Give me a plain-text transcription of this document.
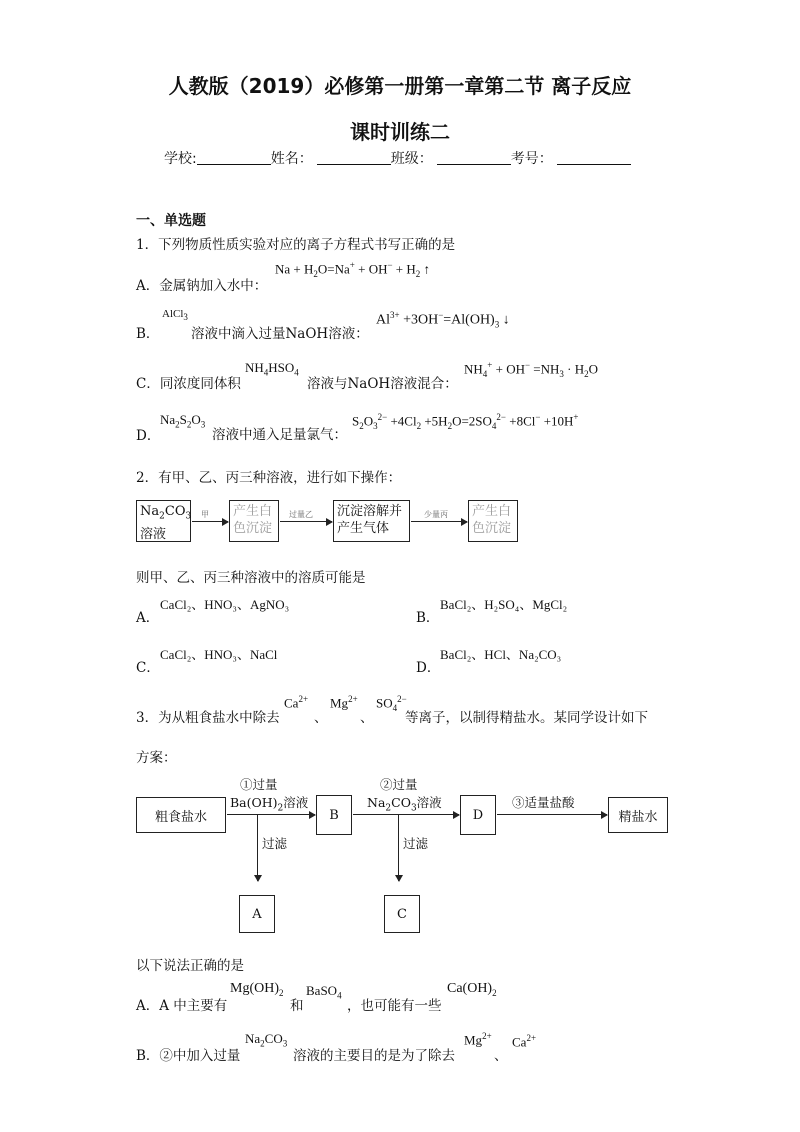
人教版（2019）必修第一册第一章第二节 离子反应
课时训练二
学校:	姓名：	班级：	考号：
一、单选题
1．下列物质性质实验对应的离子方程式书写正确的是
A．金属钠加入水中：
$Na + H_2O=Na^+ + OH^- + H_2$ ↑
B．
AlCl$_3$
溶液中滴入过量NaOH溶液：
$Al^{3+} +3OH^-=Al(OH)_3$ ↓
C．同浓度同体积
$NH_4HSO_4$
溶液与NaOH溶液混合：
$NH_4^+ + OH^- =NH_3 \cdot H_2O$
D．
$Na_2S_2O_3$
溶液中通入足量氯气：
$S_2O_3^{2-} +4Cl_2 +5H_2O=2SO_4^{2-} +8Cl^- +10H^+$
2．有甲、乙、丙三种溶液，进行如下操作：
$Na_2CO_3$
溶液
甲 产生白
色沉淀
过量乙 沉淀溶解并
产生气体
少量丙 产生白
色沉淀
则甲、乙、丙三种溶液中的溶质可能是
A．
CaCl₂、HNO₃、AgNO₃
B．
BaCl₂、H₂SO₄、MgCl₂
C．
CaCl₂、HNO₃、NaCl
D．
BaCl₂、HCl、Na₂CO₃
3．为从粗食盐水中除去
$Ca^{2+}$
、
$Mg^{2+}$
、
$SO_4^{2-}$
等离子，以制得精盐水。某同学设计如下
方案：
粗食盐水
①过量
$Ba(OH)_2$溶液
B
②过量
$Na_2CO_3$溶液
D
③适量盐酸
精盐水
过滤	过滤
A	C
以下说法正确的是
A．A 中主要有
$Mg(OH)_2$
和
BaSO$_4$
，也可能有一些
$Ca(OH)_2$
B．②中加入过量
$Na_2CO_3$
溶液的主要目的是为了除去
$Mg^{2+}$
、
$Ca^{2+}$
